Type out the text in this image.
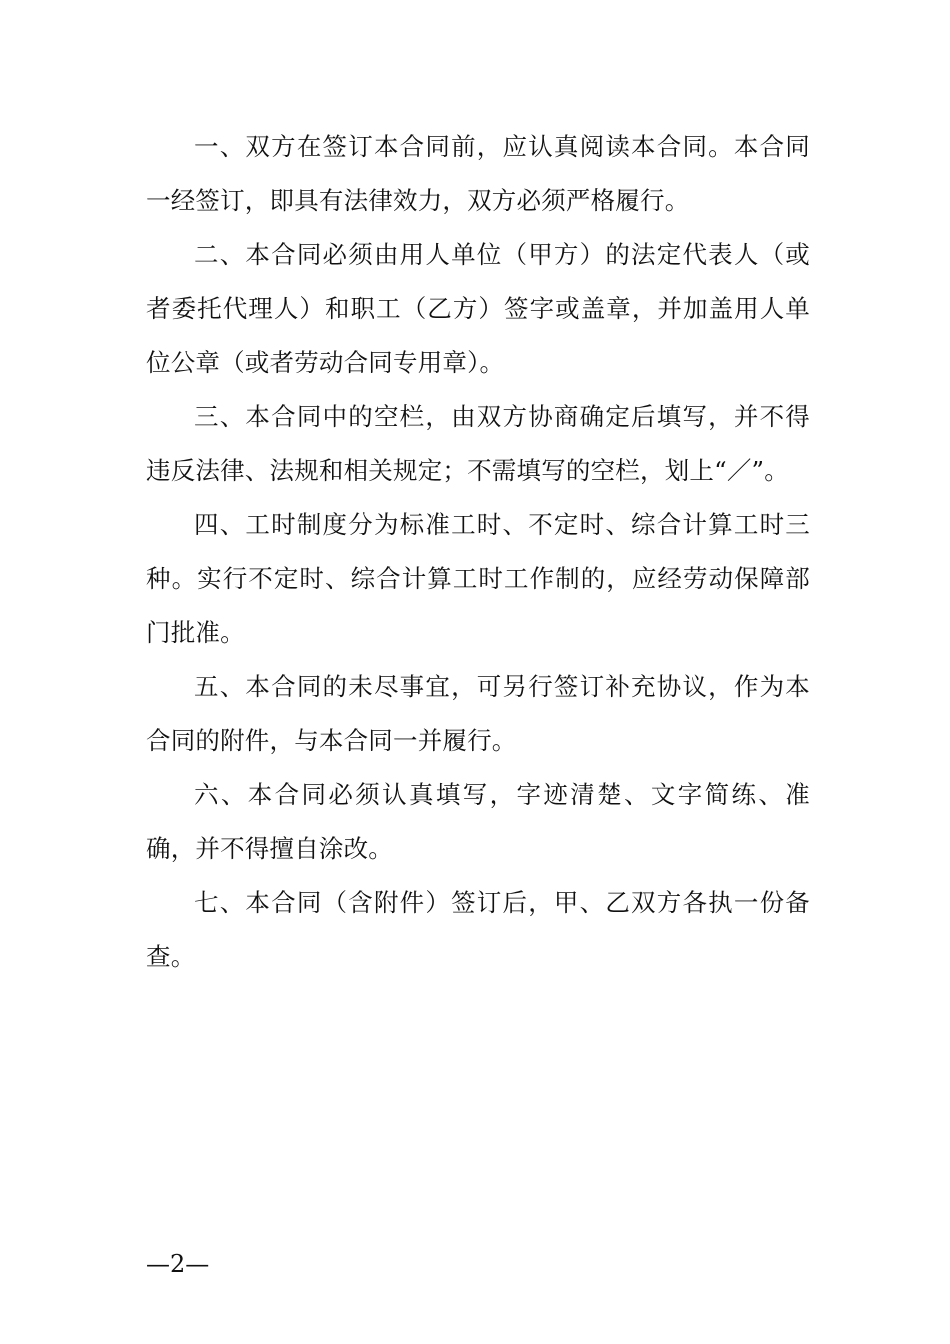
一、双方在签订本合同前，应认真阅读本合同。本合同一经签订，即具有法律效力，双方必须严格履行。

二、本合同必须由用人单位（甲方）的法定代表人（或者委托代理人）和职工（乙方）签字或盖章，并加盖用人单位公章（或者劳动合同专用章）。

三、本合同中的空栏，由双方协商确定后填写，并不得违反法律、法规和相关规定；不需填写的空栏，划上“／”。

四、工时制度分为标准工时、不定时、综合计算工时三种。实行不定时、综合计算工时工作制的，应经劳动保障部门批准。

五、本合同的未尽事宜，可另行签订补充协议，作为本合同的附件，与本合同一并履行。

六、本合同必须认真填写，字迹清楚、文字简练、准确，并不得擅自涂改。

七、本合同（含附件）签订后，甲、乙双方各执一份备查。

—2—
